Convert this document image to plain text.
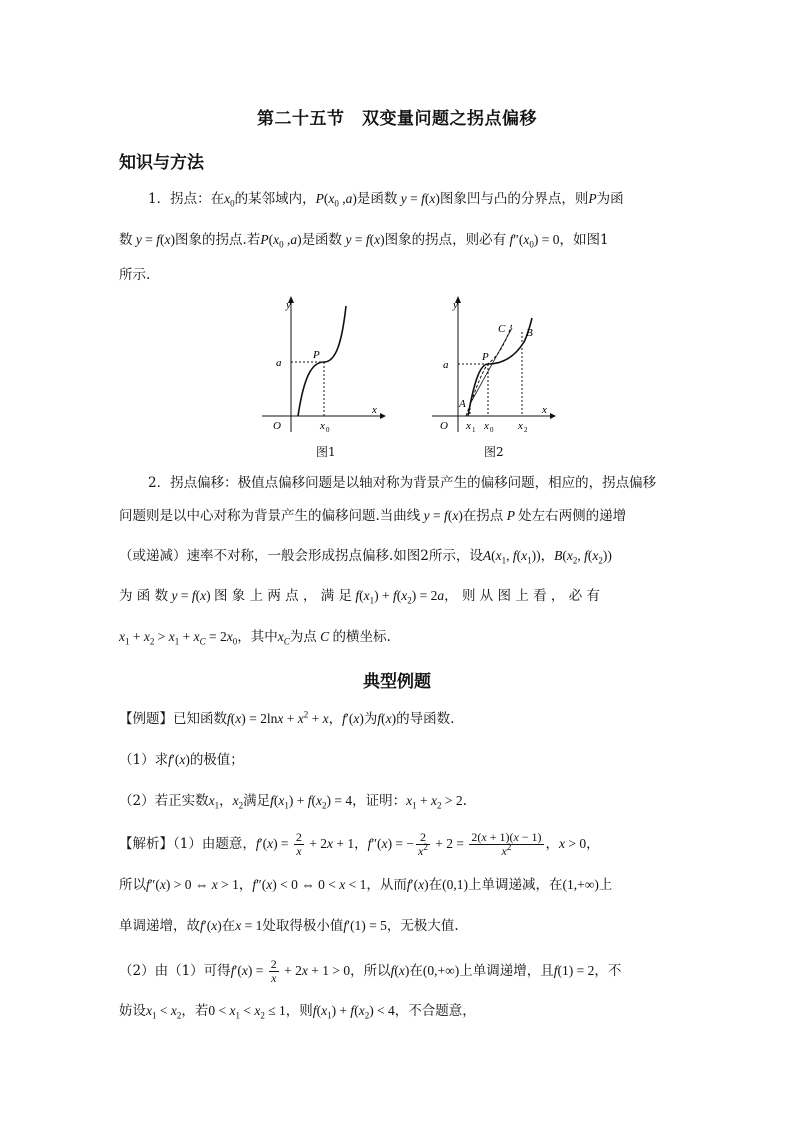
第二十五节　双变量问题之拐点偏移
知识与方法
1．拐点：在$x_0$的某邻域内，$P(x_0$ ,a)是函数 y = f(x)图象凹与凸的分界点，则P为函
数 y = f(x)图象的拐点.若$P(x_0$ ,a)是函数 y = f(x)图象的拐点，则必有 $f''(x_0) = 0$，如图1
所示.
y
x
O
a
P
x 0
图1
y
x
O
a
P
A
B
C
x 1 x 0 x 2
图2
2．拐点偏移：极值点偏移问题是以轴对称为背景产生的偏移问题，相应的，拐点偏移
问题则是以中心对称为背景产生的偏移问题.当曲线 y = f(x)在拐点 P 处左右两侧的递增
（或递减）速率不对称，一般会形成拐点偏移.如图2所示，设$A(x_1$, $f(x_1)$)，$B(x_2$, $f(x_2)$)
为 函 数 y = f(x) 图 象 上 两 点 ， 满 足 $f(x_1) + f(x_2) = 2a$， 则 从 图 上 看 ， 必 有
$x_1 + x_2 > x_1 + x_C = 2x_0$，其中$x_C$为点 C 的横坐标.
典型例题
【例题】已知函数$f(x) = 2\ln x + x^2 + x$，f′(x)为f(x)的导函数.
（1）求f′(x)的极值；
（2）若正实数$x_1$，$x_2$满足$f(x_1) + f(x_2) = 4$，证明：$x_1 + x_2 > 2$.
【解析】（1）由题意，$f'(x) = \frac{2}{x} + 2x + 1$，f″(x) = − $\frac{2}{x^2} + 2 = \frac{2(x + 1)(x - 1)}{x^2}$ ，x > 0，
所以f″(x) > 0 ⇔ x > 1，f″(x) < 0 ⇔ 0 < x < 1，从而f′(x)在(0,1)上单调递减，在(1,+∞)上
单调递增，故f′(x)在x = 1处取得极小值f′(1) = 5，无极大值.
（2）由（1）可得$f'(x) = \frac{2}{x} + 2x + 1 > 0$，所以f(x)在(0,+∞)上单调递增，且f(1) = 2，不
妨设$x_1 < x_2$，若$0 < x_1 < x_2 \le 1$，则$f(x_1) + f(x_2) < 4$，不合题意，
